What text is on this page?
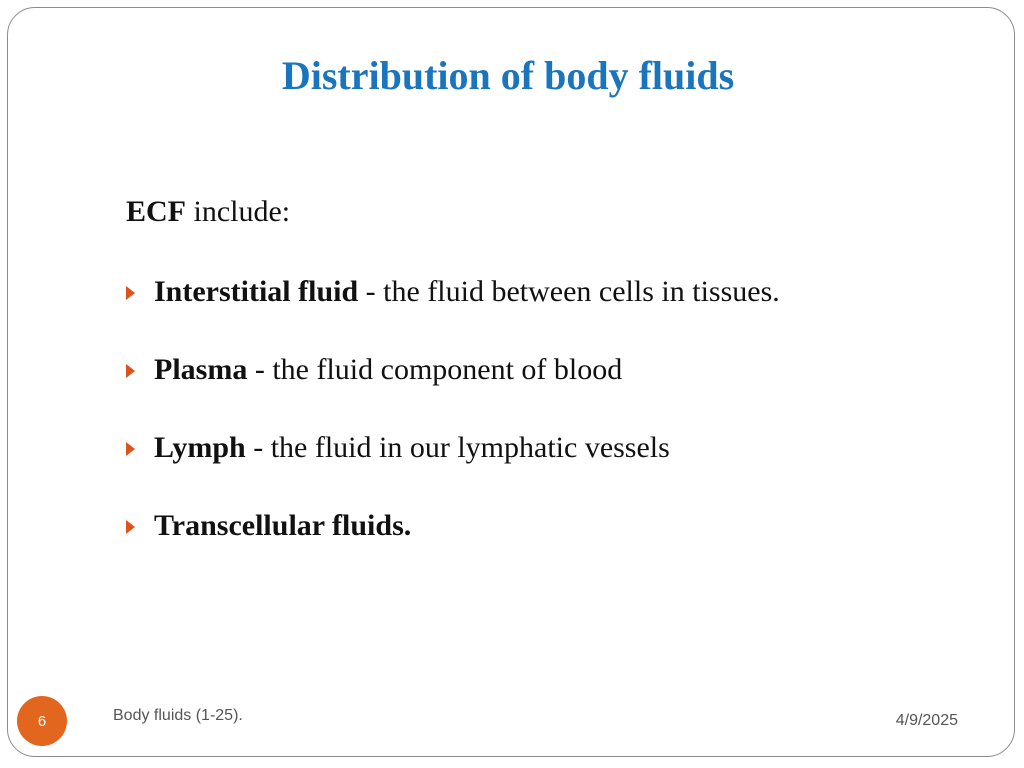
Distribution of body fluids
ECF include:
Interstitial fluid - the fluid between cells in tissues.
Plasma - the fluid component of blood
Lymph - the fluid in our lymphatic vessels
Transcellular fluids.
6	Body fluids (1-25).	4/9/2025
